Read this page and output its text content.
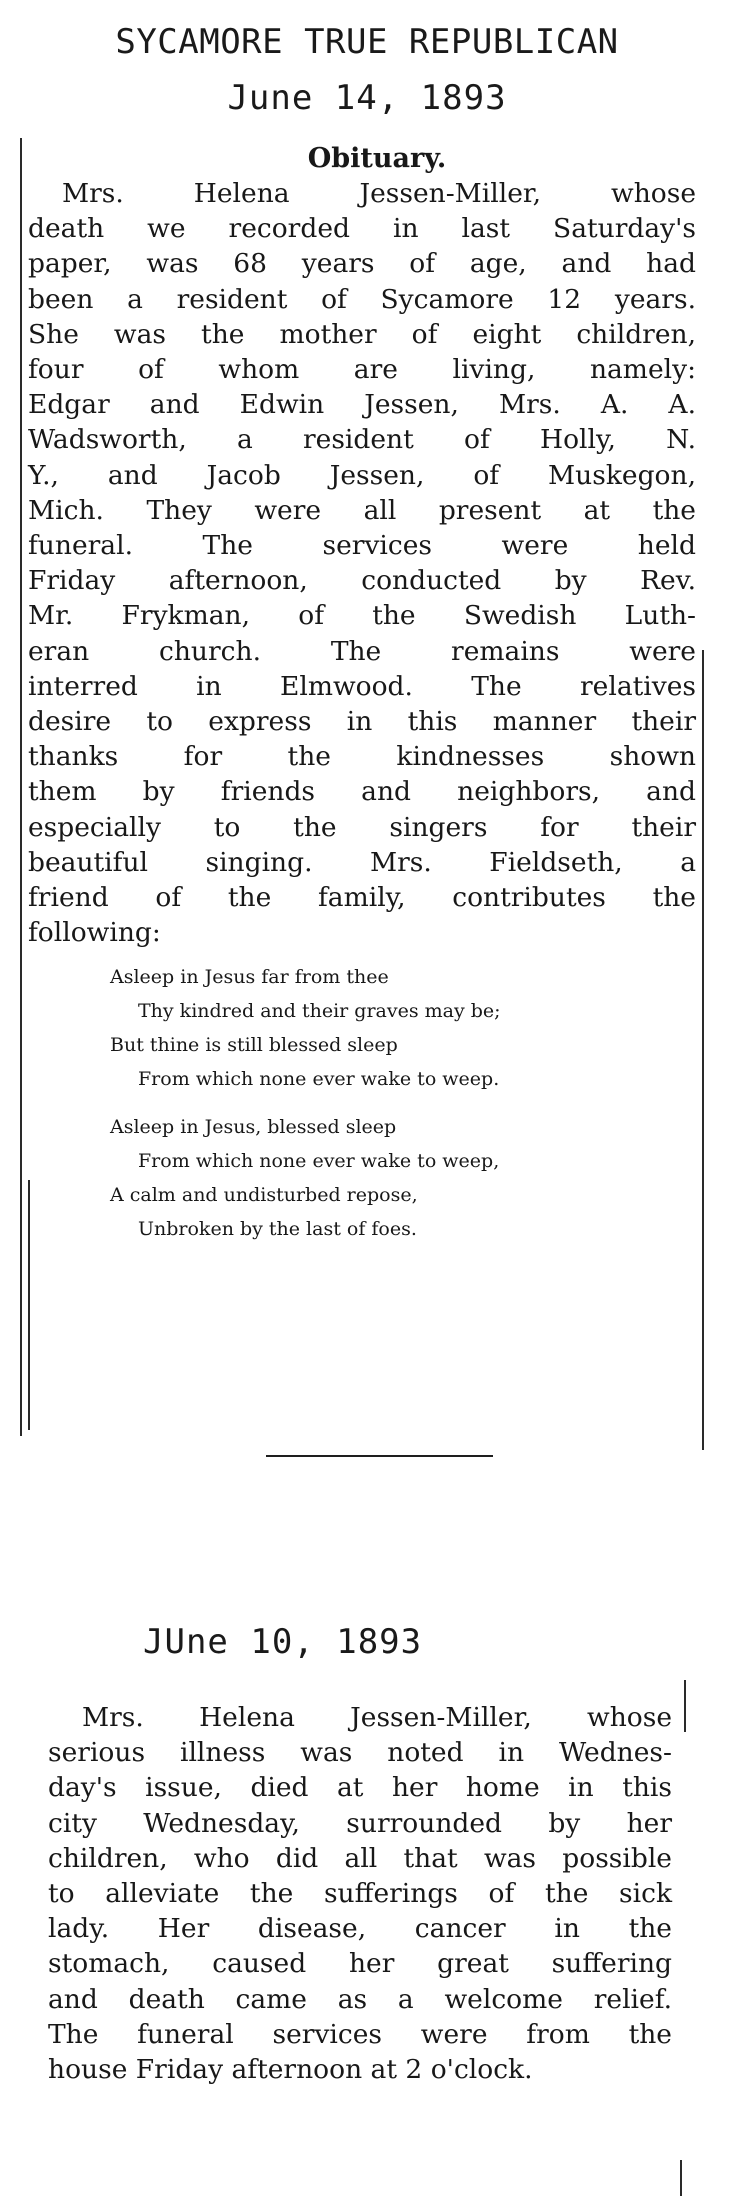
SYCAMORE TRUE REPUBLICAN
June 14, 1893
Obituary.
Mrs. Helena Jessen-Miller, whose
death we recorded in last Saturday's
paper, was 68 years of age, and had
been a resident of Sycamore 12 years.
She was the mother of eight children,
four of whom are living, namely:
Edgar and Edwin Jessen, Mrs. A. A.
Wadsworth, a resident of Holly, N.
Y., and Jacob Jessen, of Muskegon,
Mich. They were all present at the
funeral. The services were held
Friday afternoon, conducted by Rev.
Mr. Frykman, of the Swedish Luth-
eran church. The remains were
interred in Elmwood. The relatives
desire to express in this manner their
thanks for the kindnesses shown
them by friends and neighbors, and
especially to the singers for their
beautiful singing. Mrs. Fieldseth, a
friend of the family, contributes the
following:
Asleep in Jesus far from thee
Thy kindred and their graves may be;
But thine is still blessed sleep
From which none ever wake to weep.
Asleep in Jesus, blessed sleep
From which none ever wake to weep,
A calm and undisturbed repose,
Unbroken by the last of foes.
JUne 10, 1893
Mrs. Helena Jessen-Miller, whose
serious illness was noted in Wednes-
day's issue, died at her home in this
city Wednesday, surrounded by her
children, who did all that was possible
to alleviate the sufferings of the sick
lady. Her disease, cancer in the
stomach, caused her great suffering
and death came as a welcome relief.
The funeral services were from the
house Friday afternoon at 2 o'clock.
